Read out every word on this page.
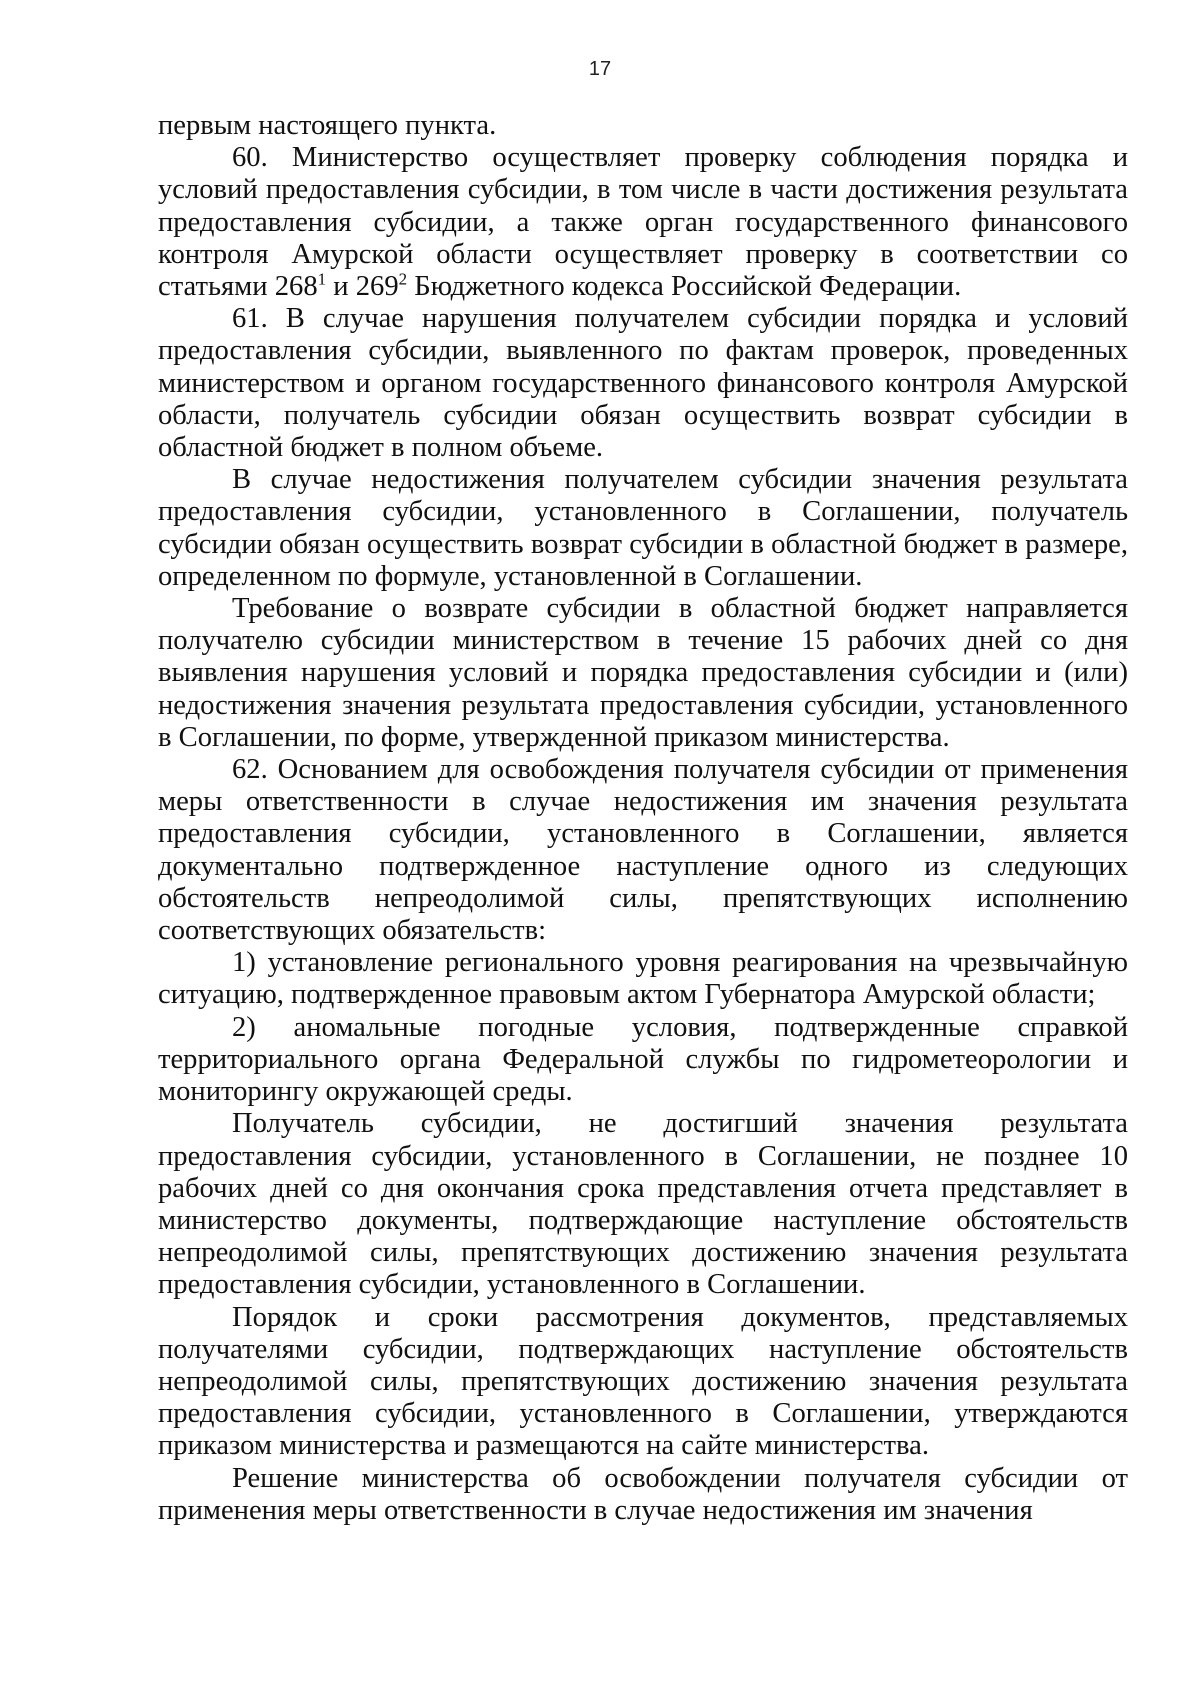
17

первым настоящего пункта.

60. Министерство осуществляет проверку соблюдения порядка и условий предоставления субсидии, в том числе в части достижения результата предоставления субсидии, а также орган государственного финансового контроля Амурской области осуществляет проверку в соответствии со статьями $268^1$ и $269^2$ Бюджетного кодекса Российской Федерации.

61. В случае нарушения получателем субсидии порядка и условий предоставления субсидии, выявленного по фактам проверок, проведенных министерством и органом государственного финансового контроля Амурской области, получатель субсидии обязан осуществить возврат субсидии в областной бюджет в полном объеме.

В случае недостижения получателем субсидии значения результата предоставления субсидии, установленного в Соглашении, получатель субсидии обязан осуществить возврат субсидии в областной бюджет в размере, определенном по формуле, установленной в Соглашении.

Требование о возврате субсидии в областной бюджет направляется получателю субсидии министерством в течение 15 рабочих дней со дня выявления нарушения условий и порядка предоставления субсидии и (или) недостижения значения результата предоставления субсидии, установленного в Соглашении, по форме, утвержденной приказом министерства.

62. Основанием для освобождения получателя субсидии от применения меры ответственности в случае недостижения им значения результата предоставления субсидии, установленного в Соглашении, является документально подтвержденное наступление одного из следующих обстоятельств непреодолимой силы, препятствующих исполнению соответствующих обязательств:

1) установление регионального уровня реагирования на чрезвычайную ситуацию, подтвержденное правовым актом Губернатора Амурской области;

2) аномальные погодные условия, подтвержденные справкой территориального органа Федеральной службы по гидрометеорологии и мониторингу окружающей среды.

Получатель субсидии, не достигший значения результата предоставления субсидии, установленного в Соглашении, не позднее 10 рабочих дней со дня окончания срока представления отчета представляет в министерство документы, подтверждающие наступление обстоятельств непреодолимой силы, препятствующих достижению значения результата предоставления субсидии, установленного в Соглашении.

Порядок и сроки рассмотрения документов, представляемых получателями субсидии, подтверждающих наступление обстоятельств непреодолимой силы, препятствующих достижению значения результата предоставления субсидии, установленного в Соглашении, утверждаются приказом министерства и размещаются на сайте министерства.

Решение министерства об освобождении получателя субсидии от применения меры ответственности в случае недостижения им значения
